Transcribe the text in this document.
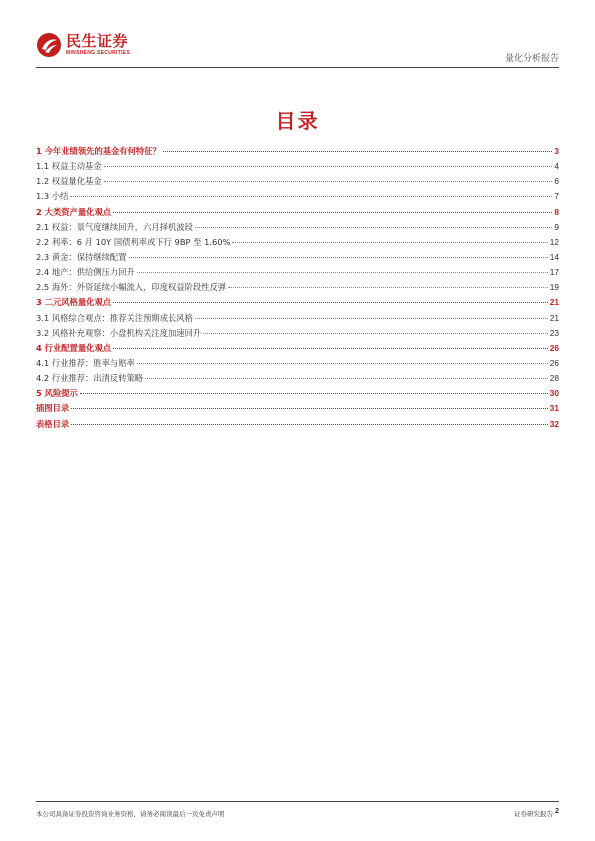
民生证券
MINSHENG SECURITIES
量化分析报告
目录
1 今年业绩领先的基金有何特征？	3
1.1 权益主动基金	4
1.2 权益量化基金	6
1.3 小结	7
2 大类资产量化观点	8
2.1 权益：景气度继续回升，六月择机波段	9
2.2 利率：6 月 10Y 国债利率或下行 9BP 至 1.60%	12
2.3 黄金：保持继续配置	14
2.4 地产：供给侧压力回升	17
2.5 海外：外资延续小幅流入，印度权益阶段性反弹	19
3 二元风格量化观点	21
3.1 风格综合观点：推荐关注预期成长风格	21
3.2 风格补充观察：小盘机构关注度加速回升	23
4 行业配置量化观点	26
4.1 行业推荐：胜率与赔率	26
4.2 行业推荐：出清反转策略	28
5 风险提示	30
插图目录	31
表格目录	32
本公司具备证券投资咨询业务资格，请务必阅读最后一页免责声明	证券研究报告 2
